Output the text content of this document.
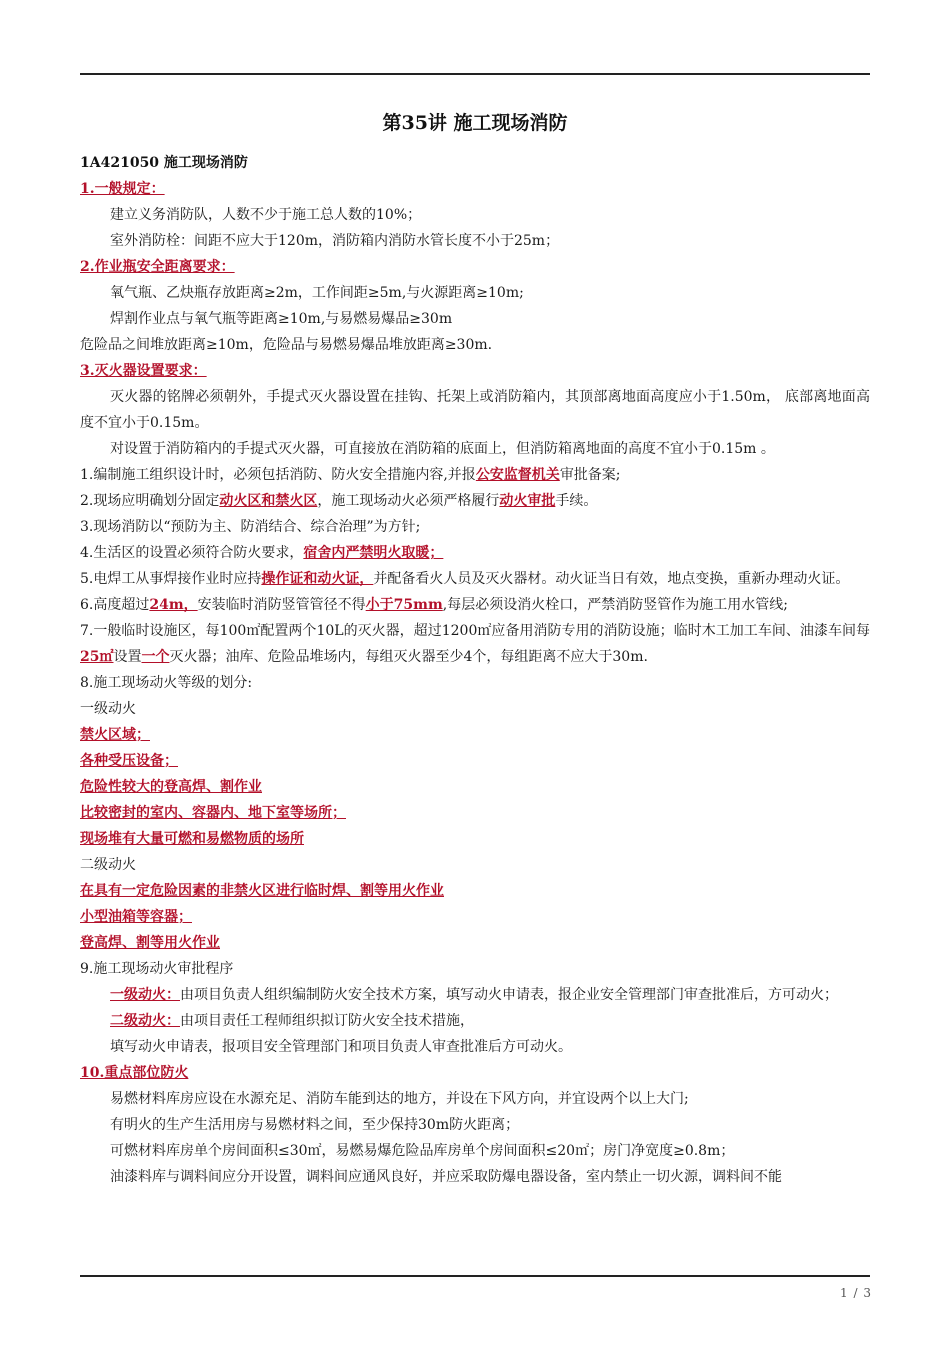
第35讲 施工现场消防

1A421050 施工现场消防

1.一般规定：

建立义务消防队，人数不少于施工总人数的10%；

室外消防栓：间距不应大于120m，消防箱内消防水管长度不小于25m；

2.作业瓶安全距离要求：

氧气瓶、乙炔瓶存放距离≥2m，工作间距≥5m,与火源距离≥10m;

焊割作业点与氧气瓶等距离≥10m,与易燃易爆品≥30m

危险品之间堆放距离≥10m，危险品与易燃易爆品堆放距离≥30m.

3.灭火器设置要求：

灭火器的铭牌必须朝外，手提式灭火器设置在挂钩、托架上或消防箱内，其顶部离地面高度应小于1.50m， 底部离地面高度不宜小于0.15m。

对设置于消防箱内的手提式灭火器，可直接放在消防箱的底面上，但消防箱离地面的高度不宜小于0.15m 。

1.编制施工组织设计时，必须包括消防、防火安全措施内容,并报公安监督机关审批备案;

2.现场应明确划分固定动火区和禁火区，施工现场动火必须严格履行动火审批手续。

3.现场消防以“预防为主、防消结合、综合治理”为方针;

4.生活区的设置必须符合防火要求，宿舍内严禁明火取暖；

5.电焊工从事焊接作业时应持操作证和动火证，并配备看火人员及灭火器材。动火证当日有效，地点变换，重新办理动火证。

6.高度超过24m，安装临时消防竖管管径不得小于75mm,每层必须设消火栓口，严禁消防竖管作为施工用水管线;

7.一般临时设施区，每100㎡配置两个10L的灭火器，超过1200㎡应备用消防专用的消防设施；临时木工加工车间、油漆车间每25㎡设置一个灭火器；油库、危险品堆场内，每组灭火器至少4个，每组距离不应大于30m.

8.施工现场动火等级的划分:

一级动火

禁火区域；

各种受压设备；

危险性较大的登高焊、割作业

比较密封的室内、容器内、地下室等场所；

现场堆有大量可燃和易燃物质的场所

二级动火

在具有一定危险因素的非禁火区进行临时焊、割等用火作业

小型油箱等容器；

登高焊、割等用火作业

9.施工现场动火审批程序

一级动火：由项目负责人组织编制防火安全技术方案，填写动火申请表，报企业安全管理部门审查批准后，方可动火；

二级动火：由项目责任工程师组织拟订防火安全技术措施，

填写动火申请表，报项目安全管理部门和项目负责人审查批准后方可动火。

10.重点部位防火

易燃材料库房应设在水源充足、消防车能到达的地方，并设在下风方向，并宜设两个以上大门;

有明火的生产生活用房与易燃材料之间，至少保持30m防火距离；

可燃材料库房单个房间面积≤30㎡，易燃易爆危险品库房单个房间面积≤20㎡；房门净宽度≥0.8m；

油漆料库与调料间应分开设置，调料间应通风良好，并应采取防爆电器设备，室内禁止一切火源，调料间不能

1 / 3
